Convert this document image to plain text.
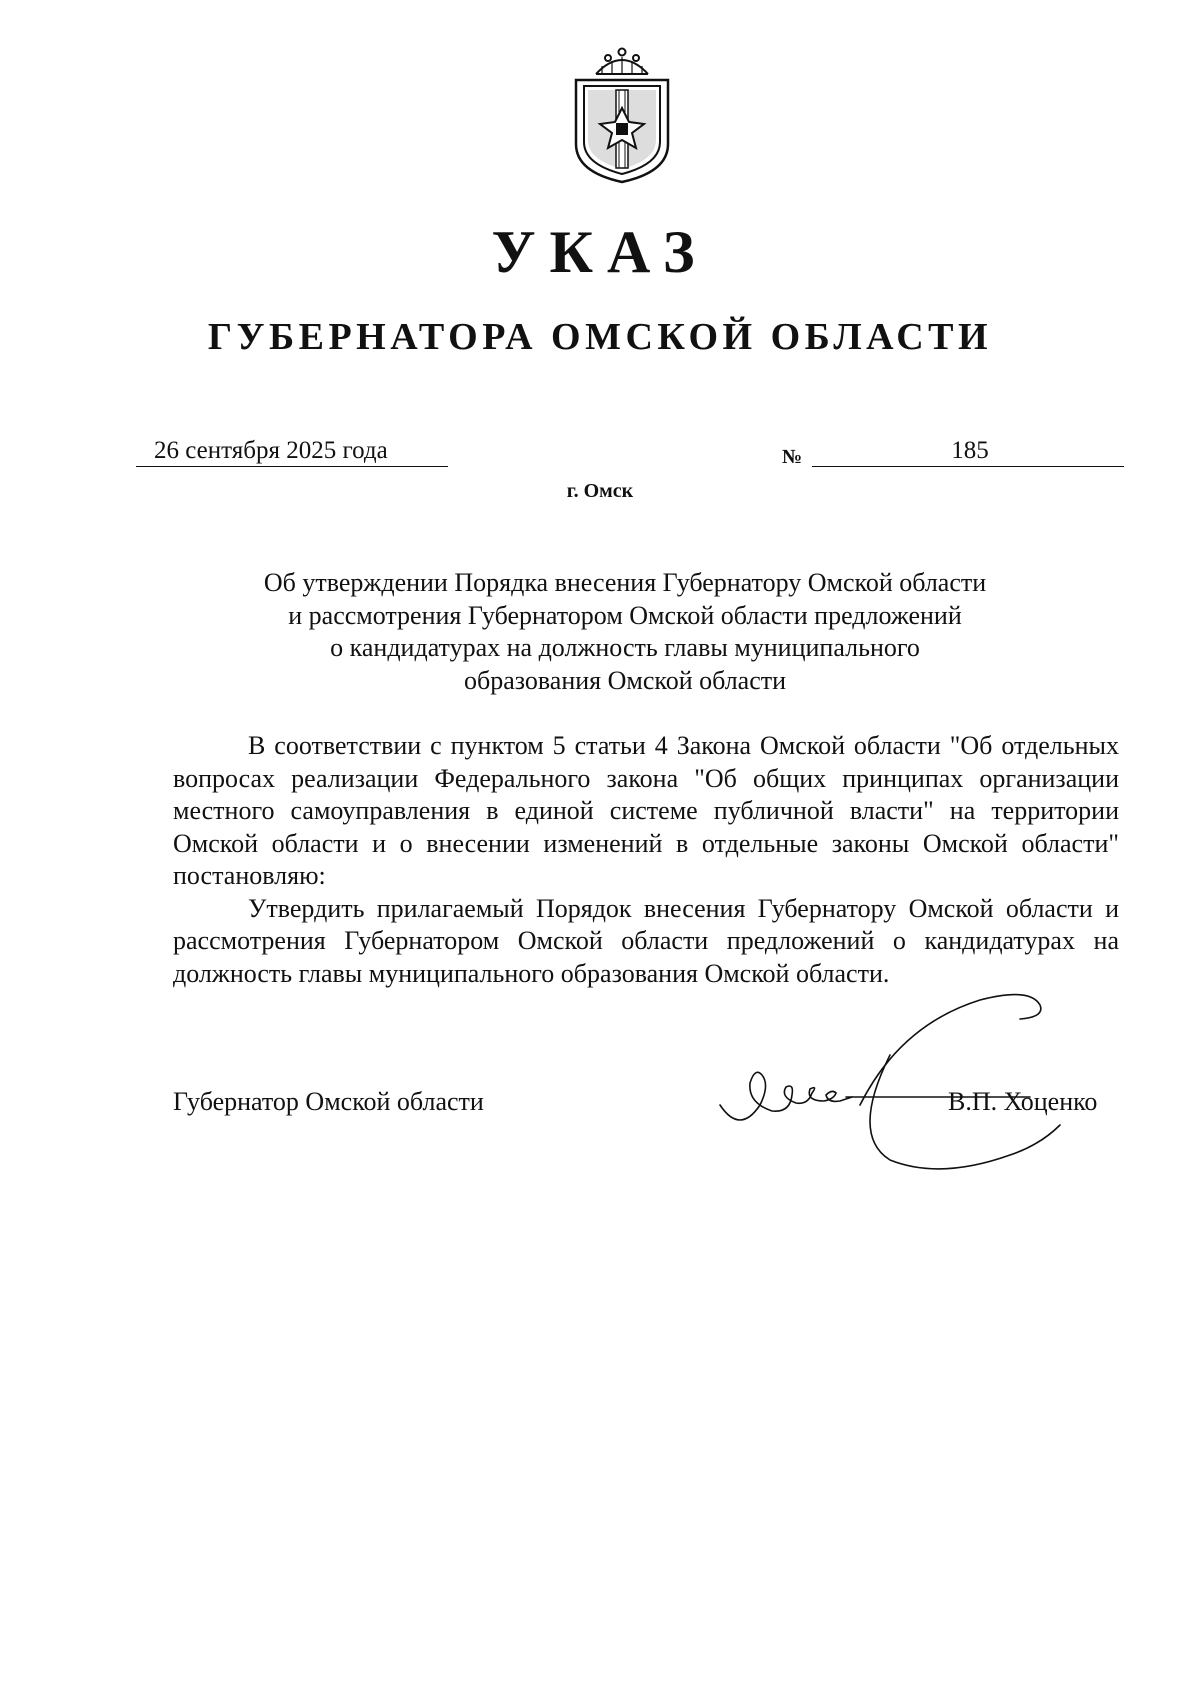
УКАЗ
ГУБЕРНАТОРА ОМСКОЙ ОБЛАСТИ
26 сентября 2025 года	№	185
г. Омск
Об утверждении Порядка внесения Губернатору Омской области
и рассмотрения Губернатором Омской области предложений
о кандидатурах на должность главы муниципального
образования Омской области

В соответствии с пунктом 5 статьи 4 Закона Омской области "Об отдельных вопросах реализации Федерального закона "Об общих принципах организации местного самоуправления в единой системе публичной власти" на территории Омской области и о внесении изменений в отдельные законы Омской области" постановляю:

Утвердить прилагаемый Порядок внесения Губернатору Омской области и рассмотрения Губернатором Омской области предложений о кандидатурах на должность главы муниципального образования Омской области.

Губернатор Омской области	В.П. Хоценко
